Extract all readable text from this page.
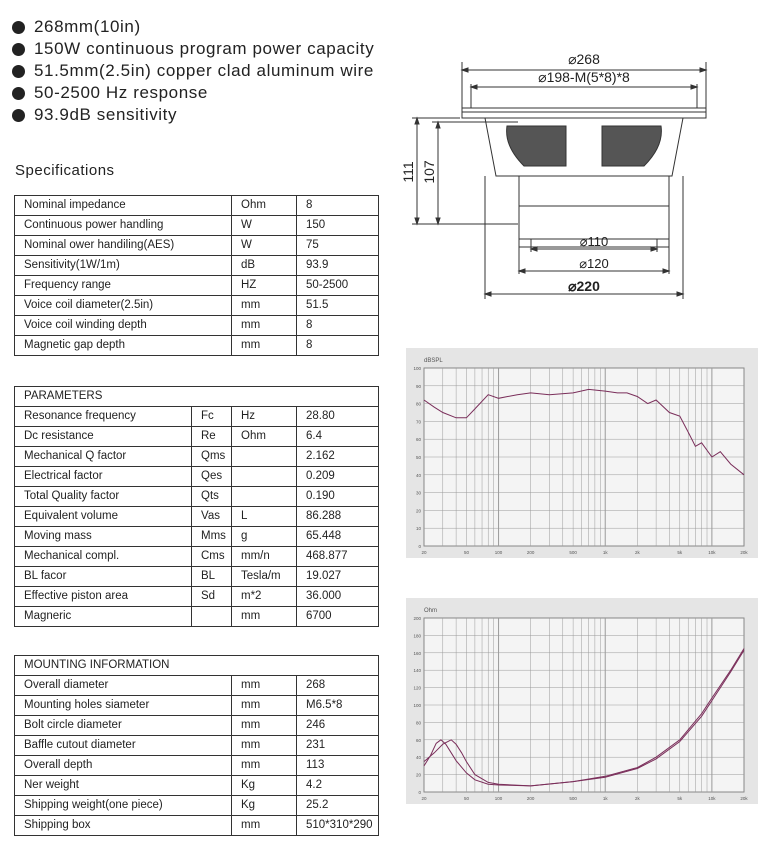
268mm(10in)
150W continuous program power capacity
51.5mm(2.5in) copper clad aluminum wire
50-2500 Hz response
93.9dB sensitivity
Specifications
Nominal impedance	Ohm	8
Continuous power handling	W	150
Nominal ower handiling(AES)	W	75
Sensitivity(1W/1m)	dB	93.9
Frequency range	HZ	50-2500
Voice coil diameter(2.5in)	mm	51.5
Voice coil winding depth	mm	8
Magnetic gap depth	mm	8
PARAMETERS			
Resonance frequency	Fc	Hz	28.80
Dc resistance	Re	Ohm	6.4
Mechanical Q factor	Qms		2.162
Electrical factor	Qes		0.209
Total Quality factor	Qts		0.190
Equivalent volume	Vas	L	86.288
Moving mass	Mms	g	65.448
Mechanical compl.	Cms	mm/n	468.877
BL facor	BL	Tesla/m	19.027
Effective piston area	Sd	m*2	36.000
Magneric		mm	6700
MOUNTING INFORMATION		
Overall diameter	mm	268
Mounting holes siameter	mm	M6.5*8
Bolt circle diameter	mm	246
Baffle cutout diameter	mm	231
Overall depth	mm	113
Ner weight	Kg	4.2
Shipping weight(one piece)	Kg	25.2
Shipping box	mm	510*310*290
⌀268
⌀198-M(5*8)*8
⌀110
⌀120
⌀220
111 107
dBSPL
0
10
20
30
40
50
60
70
80
90
100
20	50	100	200	500	1k	2k	5k	10k	20k
Ohm
0
20
40
60
80
100
120
140
160
180
200
20	50	100	200	500	1k	2k	5k	10k	20k
